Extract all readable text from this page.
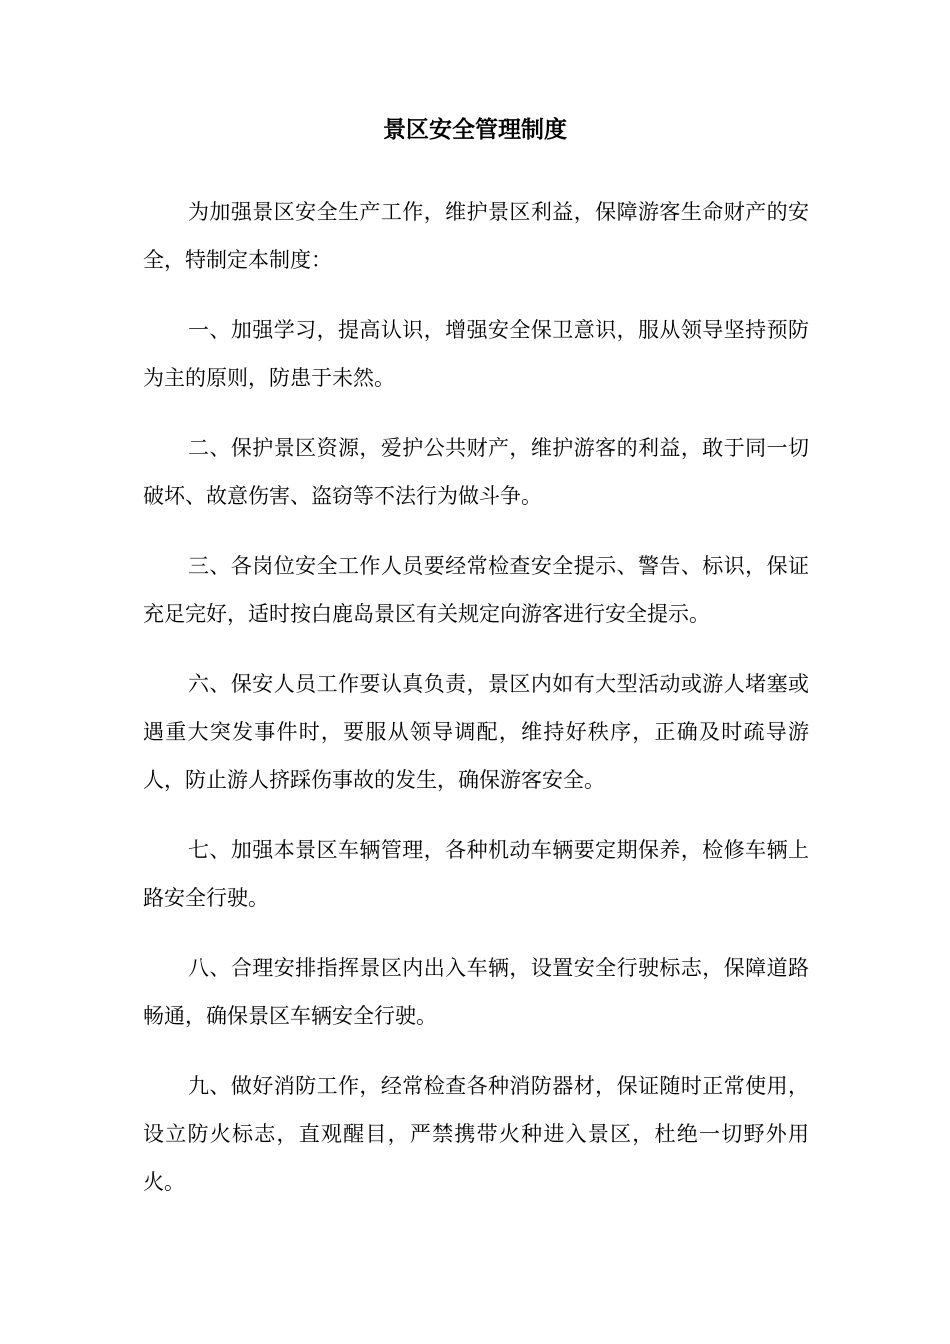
景区安全管理制度

为加强景区安全生产工作，维护景区利益，保障游客生命财产的安全，特制定本制度：

一、加强学习，提高认识，增强安全保卫意识，服从领导坚持预防为主的原则，防患于未然。

二、保护景区资源，爱护公共财产，维护游客的利益，敢于同一切破坏、故意伤害、盗窃等不法行为做斗争。

三、各岗位安全工作人员要经常检查安全提示、警告、标识，保证充足完好，适时按白鹿岛景区有关规定向游客进行安全提示。

六、保安人员工作要认真负责，景区内如有大型活动或游人堵塞或遇重大突发事件时，要服从领导调配，维持好秩序，正确及时疏导游人，防止游人挤踩伤事故的发生，确保游客安全。

七、加强本景区车辆管理，各种机动车辆要定期保养，检修车辆上路安全行驶。

八、合理安排指挥景区内出入车辆，设置安全行驶标志，保障道路畅通，确保景区车辆安全行驶。

九、做好消防工作，经常检查各种消防器材，保证随时正常使用，设立防火标志，直观醒目，严禁携带火种进入景区，杜绝一切野外用火。
